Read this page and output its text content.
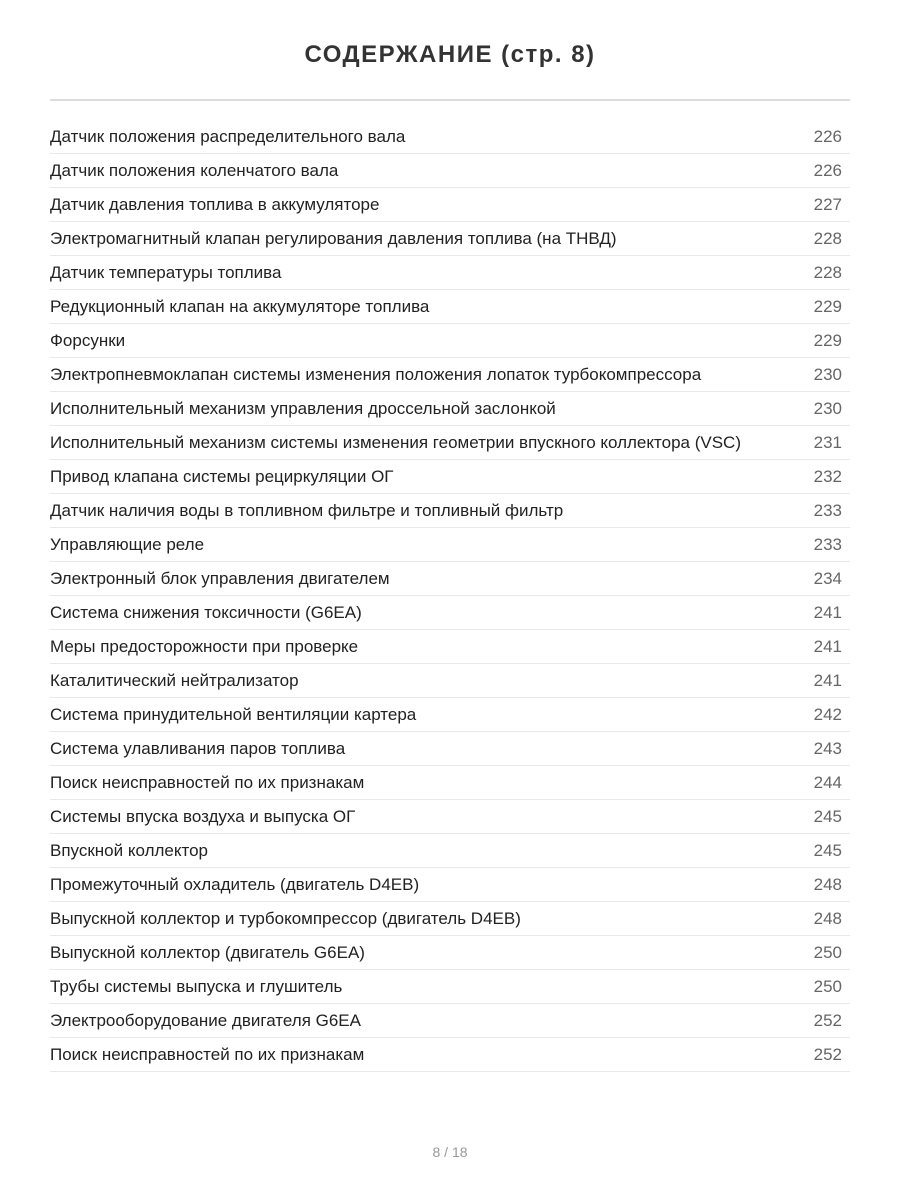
СОДЕРЖАНИЕ (стр. 8)
Датчик положения распределительного вала	226
Датчик положения коленчатого вала	226
Датчик давления топлива в аккумуляторе	227
Электромагнитный клапан регулирования давления топлива (на ТНВД)	228
Датчик температуры топлива	228
Редукционный клапан на аккумуляторе топлива	229
Форсунки	229
Электропневмоклапан системы изменения положения лопаток турбокомпрессора	230
Исполнительный механизм управления дроссельной заслонкой	230
Исполнительный механизм системы изменения геометрии впускного коллектора (VSC)	231
Привод клапана системы рециркуляции ОГ	232
Датчик наличия воды в топливном фильтре и топливный фильтр	233
Управляющие реле	233
Электронный блок управления двигателем	234
Система снижения токсичности (G6EA)	241
Меры предосторожности при проверке	241
Каталитический нейтрализатор	241
Система принудительной вентиляции картера	242
Система улавливания паров топлива	243
Поиск неисправностей по их признакам	244
Системы впуска воздуха и выпуска ОГ	245
Впускной коллектор	245
Промежуточный охладитель (двигатель D4EB)	248
Выпускной коллектор и турбокомпрессор (двигатель D4EB)	248
Выпускной коллектор (двигатель G6EA)	250
Трубы системы выпуска и глушитель	250
Электрооборудование двигателя G6EA	252
Поиск неисправностей по их признакам	252
8 / 18
